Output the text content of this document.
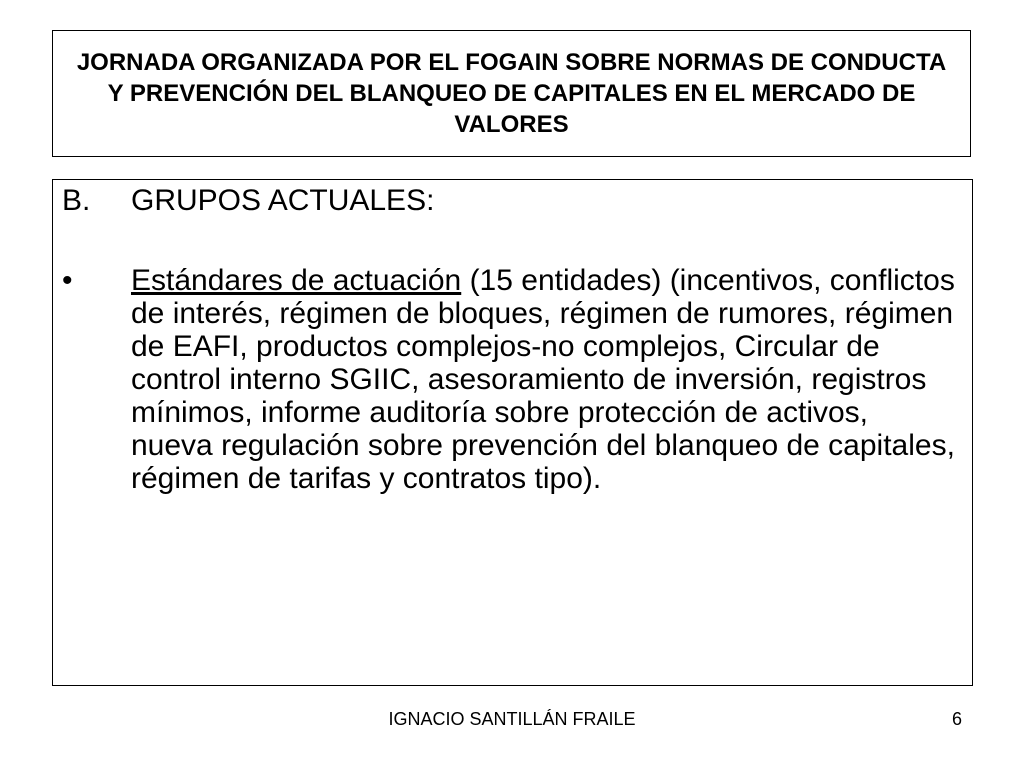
JORNADA ORGANIZADA POR EL FOGAIN SOBRE NORMAS DE CONDUCTA Y PREVENCIÓN DEL BLANQUEO DE CAPITALES EN EL MERCADO DE VALORES

B. GRUPOS ACTUALES:
• Estándares de actuación (15 entidades) (incentivos, conflictos de interés, régimen de bloques, régimen de rumores, régimen de EAFI, productos complejos-no complejos, Circular de control interno SGIIC, asesoramiento de inversión, registros mínimos, informe auditoría sobre protección de activos, nueva regulación sobre prevención del blanqueo de capitales, régimen de tarifas y contratos tipo).
IGNACIO SANTILLÁN FRAILE	6
